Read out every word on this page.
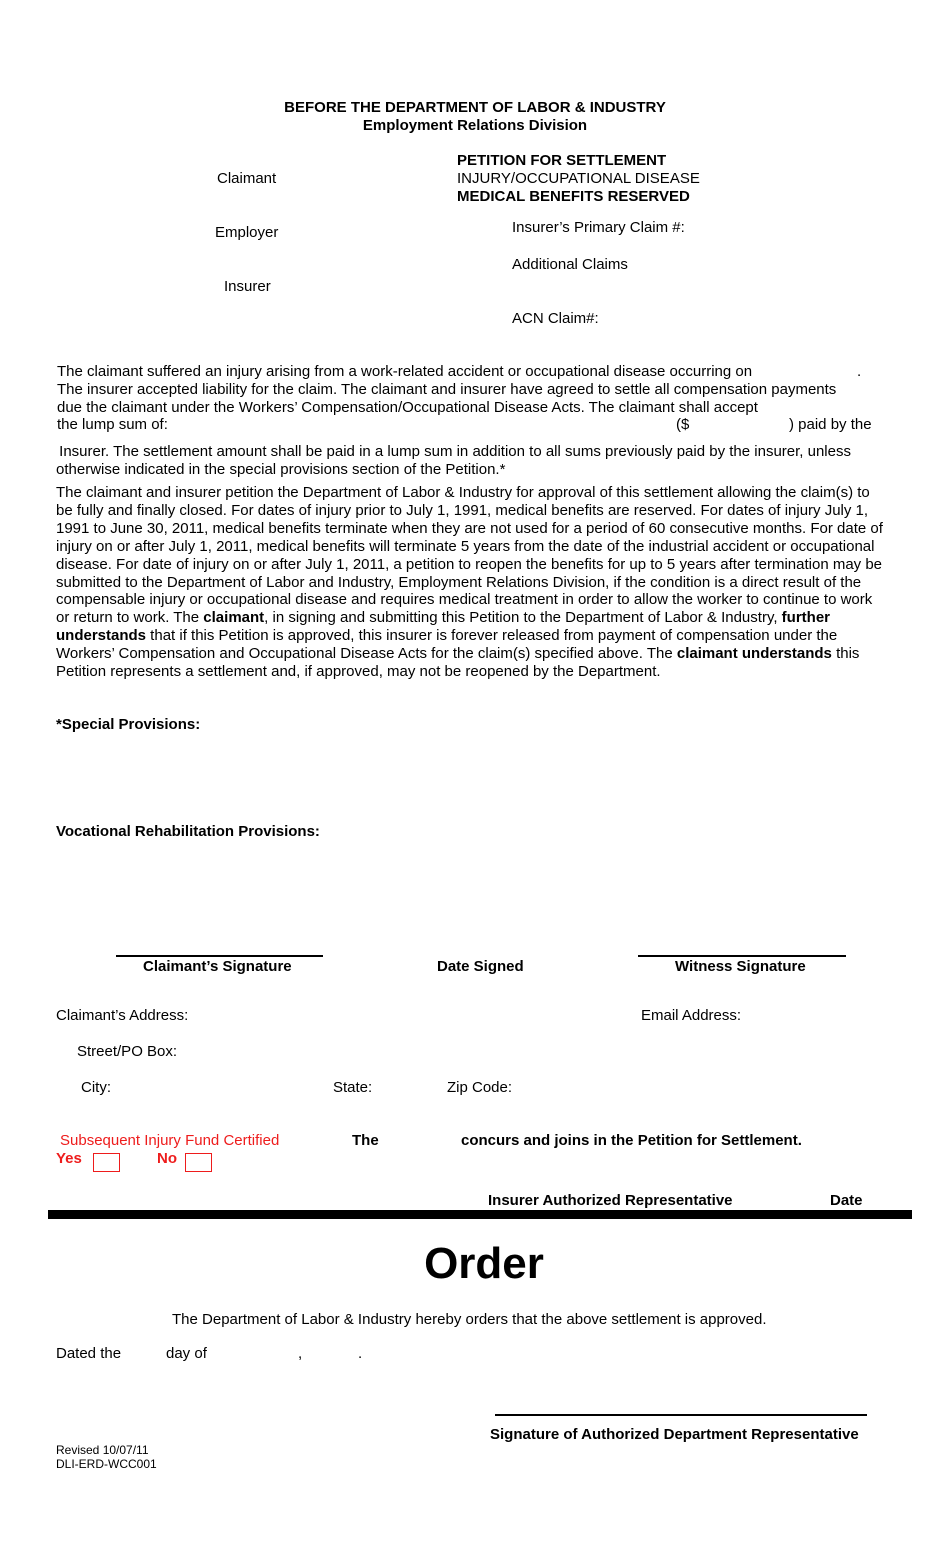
BEFORE THE DEPARTMENT OF LABOR & INDUSTRY
Employment Relations Division
PETITION FOR SETTLEMENT
INJURY/OCCUPATIONAL DISEASE
MEDICAL BENEFITS RESERVED
Claimant
Employer
Insurer
Insurer’s Primary Claim #:
Additional Claims
ACN Claim#:
The claimant suffered an injury arising from a work-related accident or occupational disease occurring on	.
The insurer accepted liability for the claim. The claimant and insurer have agreed to settle all compensation payments
due the claimant under the Workers’ Compensation/Occupational Disease Acts. The claimant shall accept
the lump sum of:	($	) paid by the
Insurer. The settlement amount shall be paid in a lump sum in addition to all sums previously paid by the insurer, unless
otherwise indicated in the special provisions section of the Petition.*
The claimant and insurer petition the Department of Labor & Industry for approval of this settlement allowing the claim(s) to be fully and finally closed. For dates of injury prior to July 1, 1991, medical benefits are reserved. For dates of injury July 1, 1991 to June 30, 2011, medical benefits terminate when they are not used for a period of 60 consecutive months. For date of injury on or after July 1, 2011, medical benefits will terminate 5 years from the date of the industrial accident or occupational disease. For date of injury on or after July 1, 2011, a petition to reopen the benefits for up to 5 years after termination may be submitted to the Department of Labor and Industry, Employment Relations Division, if the condition is a direct result of the compensable injury or occupational disease and requires medical treatment in order to allow the worker to continue to work or return to work. The claimant, in signing and submitting this Petition to the Department of Labor & Industry, further understands that if this Petition is approved, this insurer is forever released from payment of compensation under the Workers’ Compensation and Occupational Disease Acts for the claim(s) specified above. The claimant understands this Petition represents a settlement and, if approved, may not be reopened by the Department.
*Special Provisions:
Vocational Rehabilitation Provisions:
Claimant’s Signature	Date Signed	Witness Signature
Claimant’s Address:	Email Address:
Street/PO Box:
City:	State:	Zip Code:
Subsequent Injury Fund Certified
Yes	No
The	concurs and joins in the Petition for Settlement.
Insurer Authorized Representative	Date
Order
The Department of Labor & Industry hereby orders that the above settlement is approved.
Dated the	day of	,	.
Signature of Authorized Department Representative
Revised 10/07/11
DLI-ERD-WCC001
